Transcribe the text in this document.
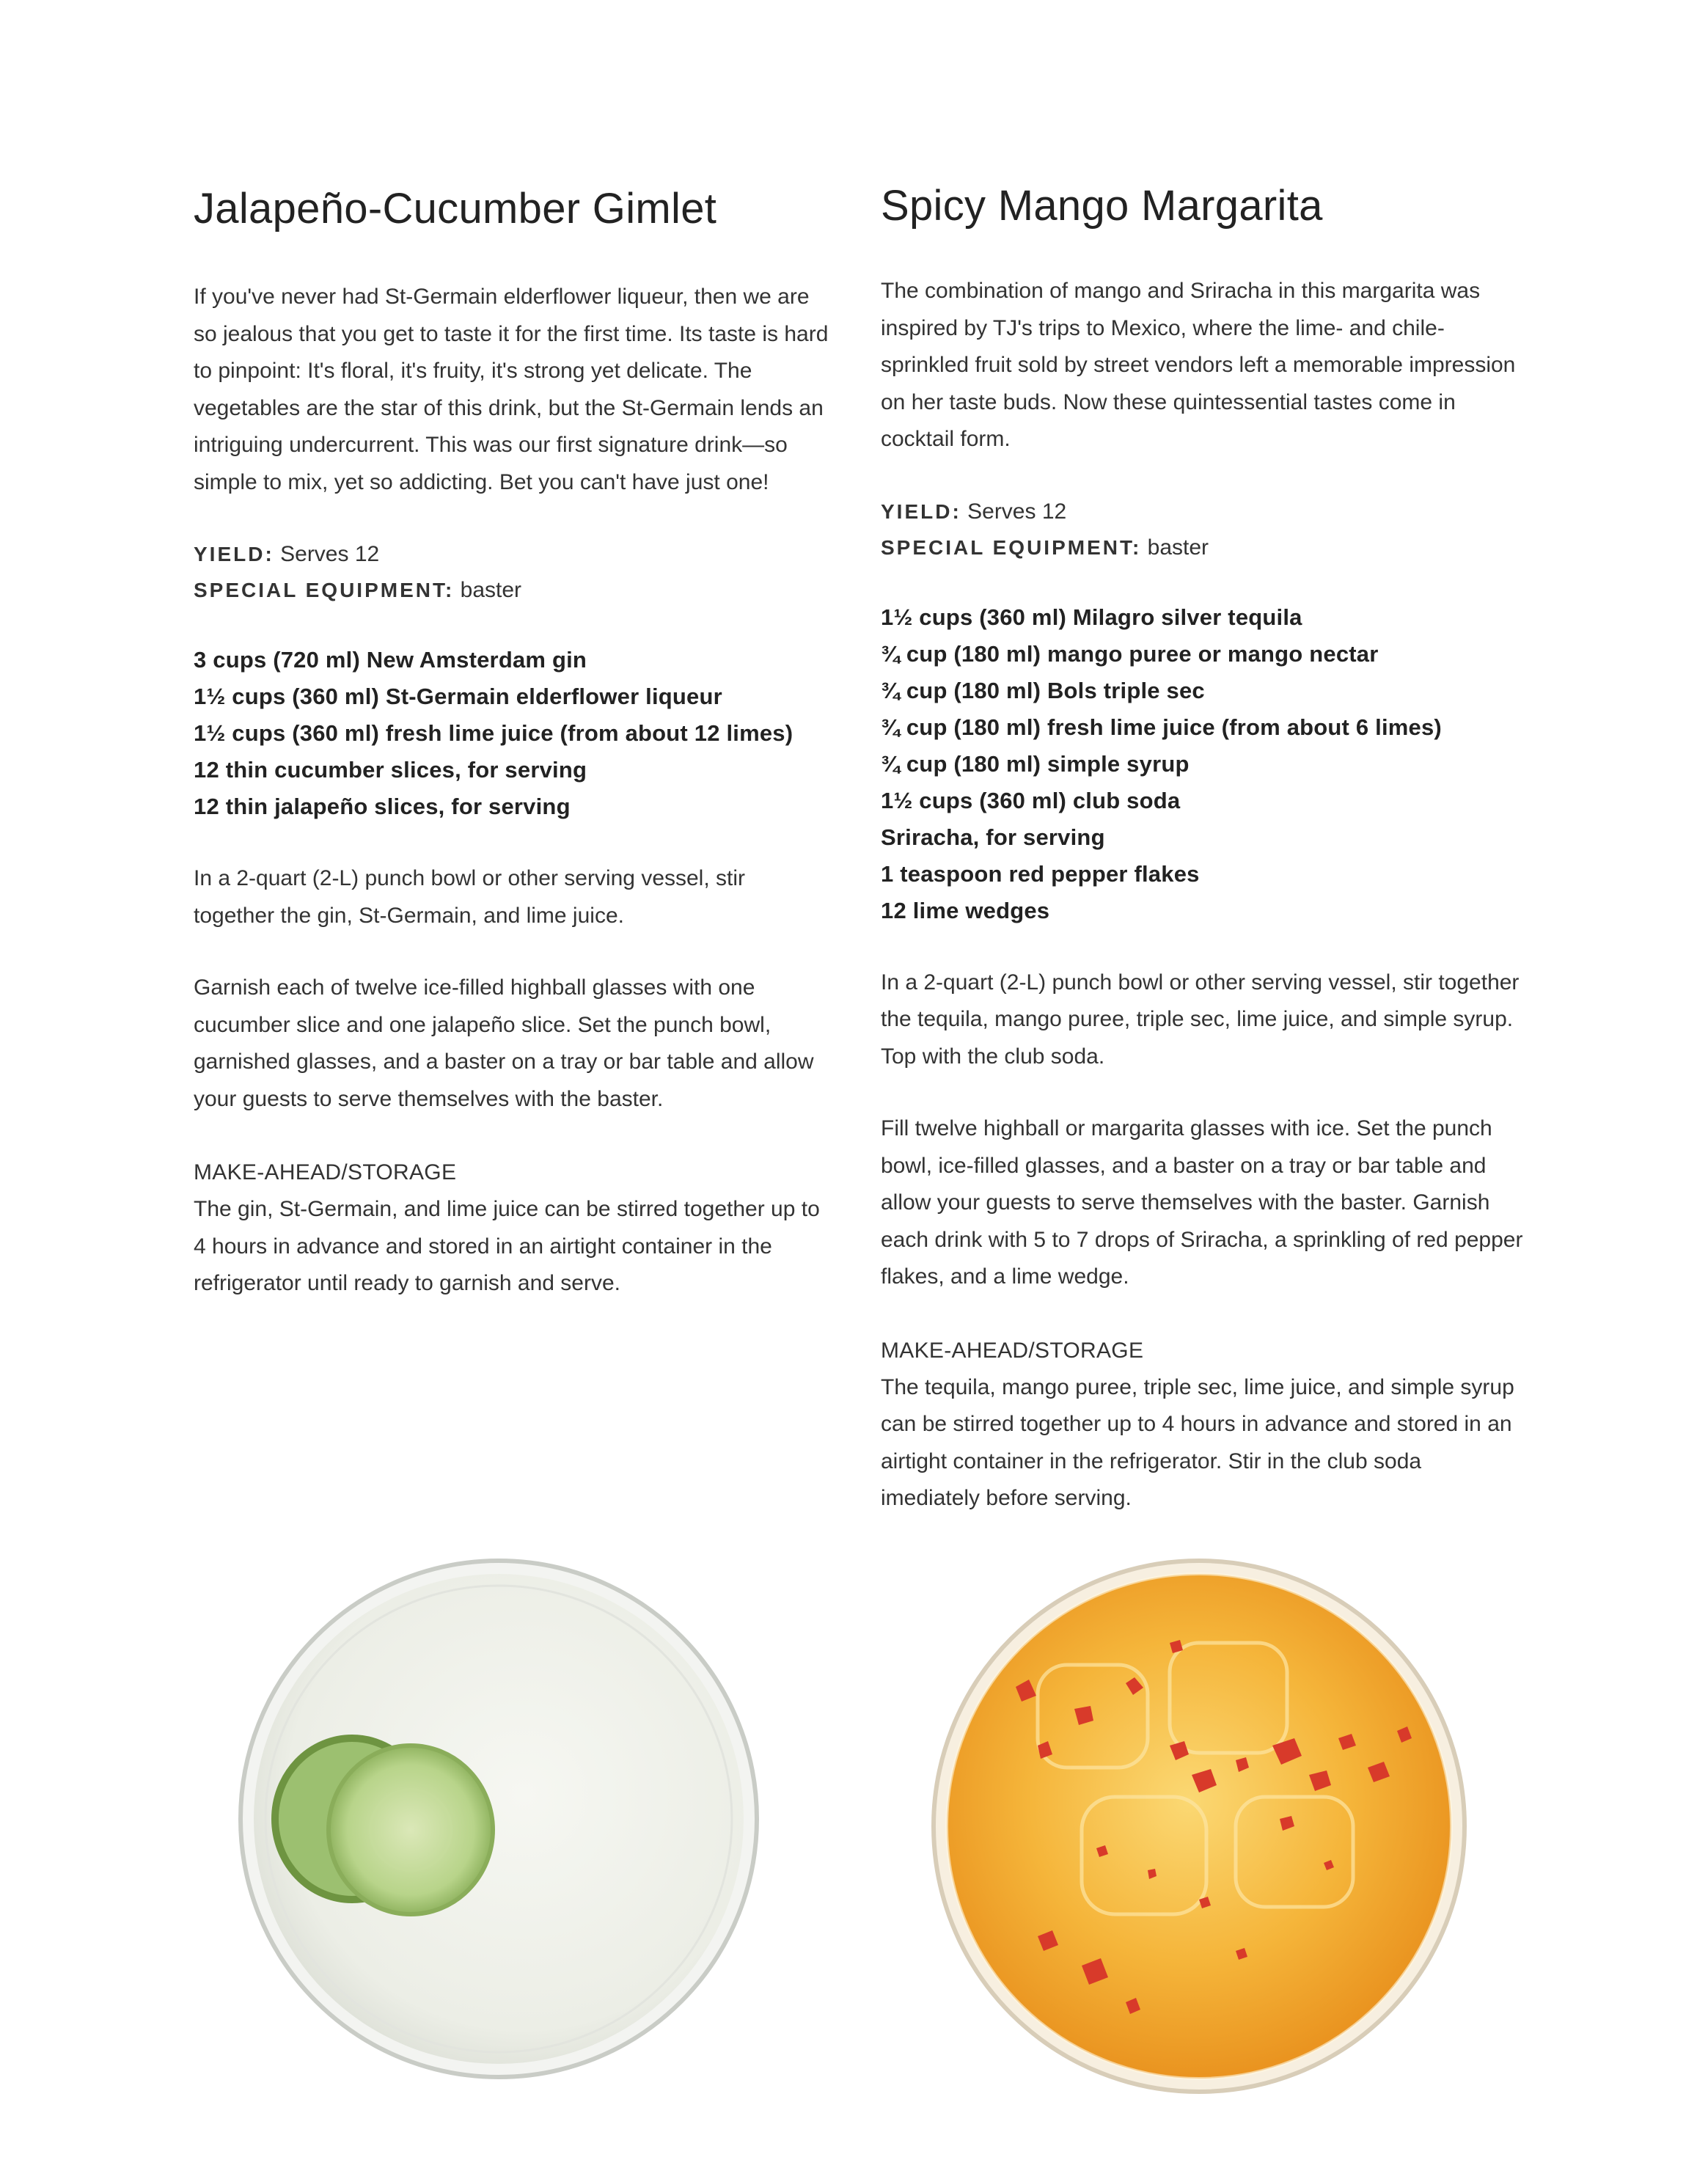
Jalapeño-Cucumber Gimlet

If you've never had St-Germain elderflower liqueur, then we are so jealous that you get to taste it for the first time. Its taste is hard to pinpoint: It's floral, it's fruity, it's strong yet delicate. The vegetables are the star of this drink, but the St-Germain lends an intriguing undercurrent. This was our first signature drink—so simple to mix, yet so addicting. Bet you can't have just one!

YIELD: Serves 12
SPECIAL EQUIPMENT: baster
3 cups (720 ml) New Amsterdam gin
1½ cups (360 ml) St-Germain elderflower liqueur
1½ cups (360 ml) fresh lime juice (from about 12 limes)
12 thin cucumber slices, for serving
12 thin jalapeño slices, for serving

In a 2-quart (2-L) punch bowl or other serving vessel, stir together the gin, St-Germain, and lime juice.

Garnish each of twelve ice-filled highball glasses with one cucumber slice and one jalapeño slice. Set the punch bowl, garnished glasses, and a baster on a tray or bar table and allow your guests to serve themselves with the baster.

MAKE-AHEAD/STORAGE

The gin, St-Germain, and lime juice can be stirred together up to 4 hours in advance and stored in an airtight container in the refrigerator until ready to garnish and serve.

Spicy Mango Margarita

The combination of mango and Sriracha in this margarita was inspired by TJ's trips to Mexico, where the lime- and chile-sprinkled fruit sold by street vendors left a memorable impression on her taste buds. Now these quintessential tastes come in cocktail form.

YIELD: Serves 12
SPECIAL EQUIPMENT: baster
1½ cups (360 ml) Milagro silver tequila
¾ cup (180 ml) mango puree or mango nectar
¾ cup (180 ml) Bols triple sec
¾ cup (180 ml) fresh lime juice (from about 6 limes)
¾ cup (180 ml) simple syrup
1½ cups (360 ml) club soda
Sriracha, for serving
1 teaspoon red pepper flakes
12 lime wedges

In a 2-quart (2-L) punch bowl or other serving vessel, stir together the tequila, mango puree, triple sec, lime juice, and simple syrup. Top with the club soda.

Fill twelve highball or margarita glasses with ice. Set the punch bowl, ice-filled glasses, and a baster on a tray or bar table and allow your guests to serve themselves with the baster. Garnish each drink with 5 to 7 drops of Sriracha, a sprinkling of red pepper flakes, and a lime wedge.

MAKE-AHEAD/STORAGE

The tequila, mango puree, triple sec, lime juice, and simple syrup can be stirred together up to 4 hours in advance and stored in an airtight container in the refrigerator. Stir in the club soda imediately before serving.
